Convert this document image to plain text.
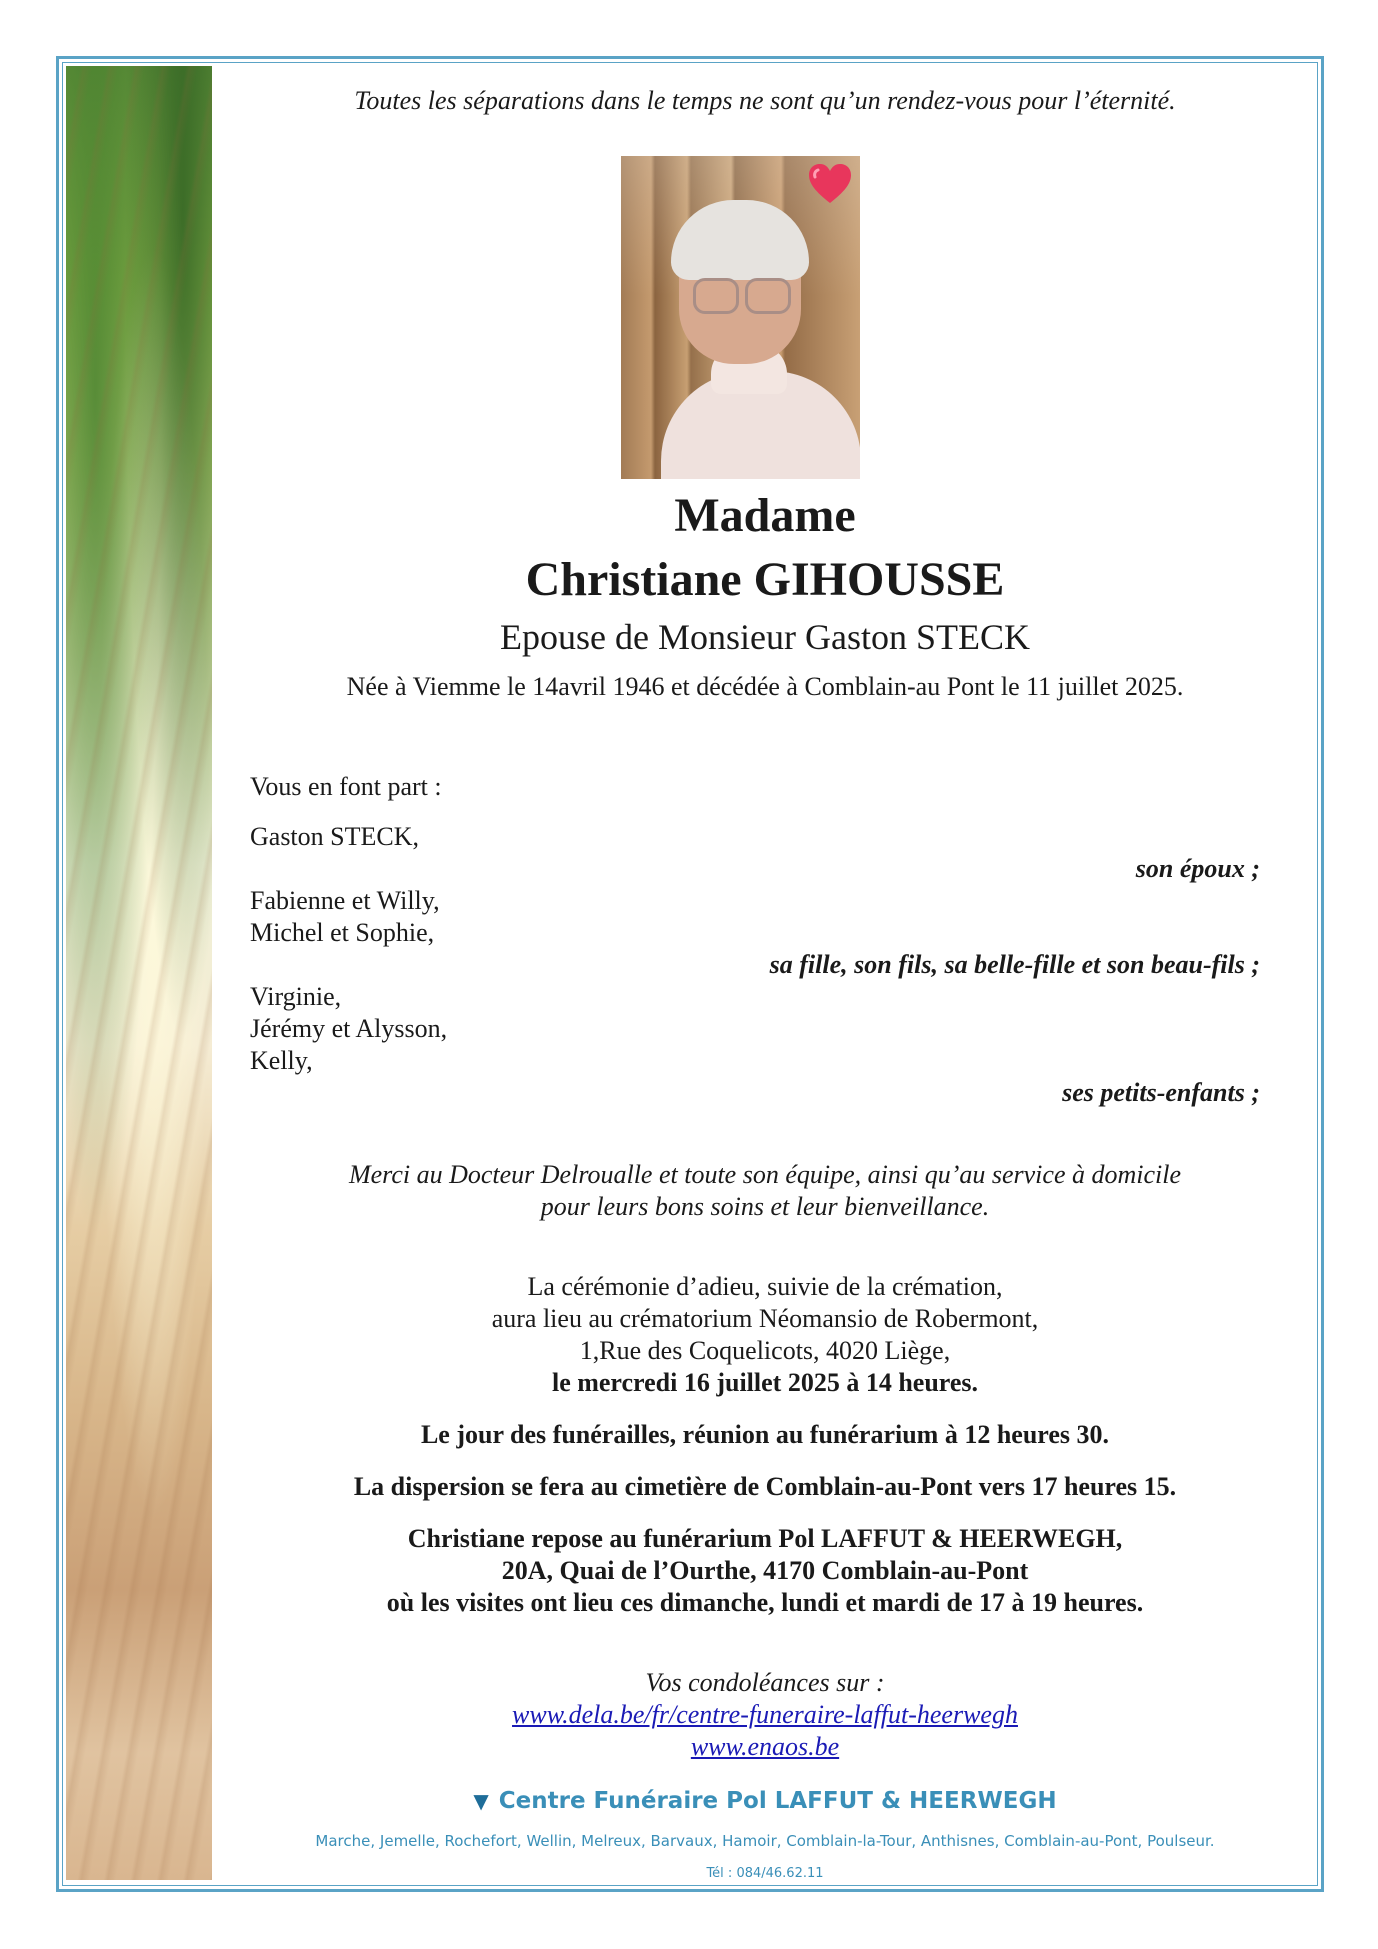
Toutes les séparations dans le temps ne sont qu’un rendez-vous pour l’éternité.

Madame

Christiane GIHOUSSE

Epouse de Monsieur Gaston STECK

Née à Viemme le 14avril 1946 et décédée à Comblain-au Pont le 11 juillet 2025.

Vous en font part :

Gaston STECK,

son époux ;

Fabienne et Willy,

Michel et Sophie,

sa fille, son fils, sa belle-fille et son beau-fils ;

Virginie,

Jérémy et Alysson,

Kelly,

ses petits-enfants ;

Merci au Docteur Delroualle et toute son équipe, ainsi qu’au service à domicile

pour leurs bons soins et leur bienveillance.

La cérémonie d’adieu, suivie de la crémation,

aura lieu au crématorium Néomansio de Robermont,

1,Rue des Coquelicots, 4020 Liège,

le mercredi 16 juillet 2025 à 14 heures.

Le jour des funérailles, réunion au funérarium à 12 heures 30.

La dispersion se fera au cimetière de Comblain-au-Pont vers 17 heures 15.

Christiane repose au funérarium Pol LAFFUT & HEERWEGH,

20A, Quai de l’Ourthe, 4170 Comblain-au-Pont

où les visites ont lieu ces dimanche, lundi et mardi de 17 à 19 heures.

Vos condoléances sur :

www.dela.be/fr/centre-funeraire-laffut-heerwegh

www.enaos.be

▼ Centre Funéraire Pol LAFFUT & HEERWEGH

Marche, Jemelle, Rochefort, Wellin, Melreux, Barvaux, Hamoir, Comblain-la-Tour, Anthisnes, Comblain-au-Pont, Poulseur.

Tél : 084/46.62.11
